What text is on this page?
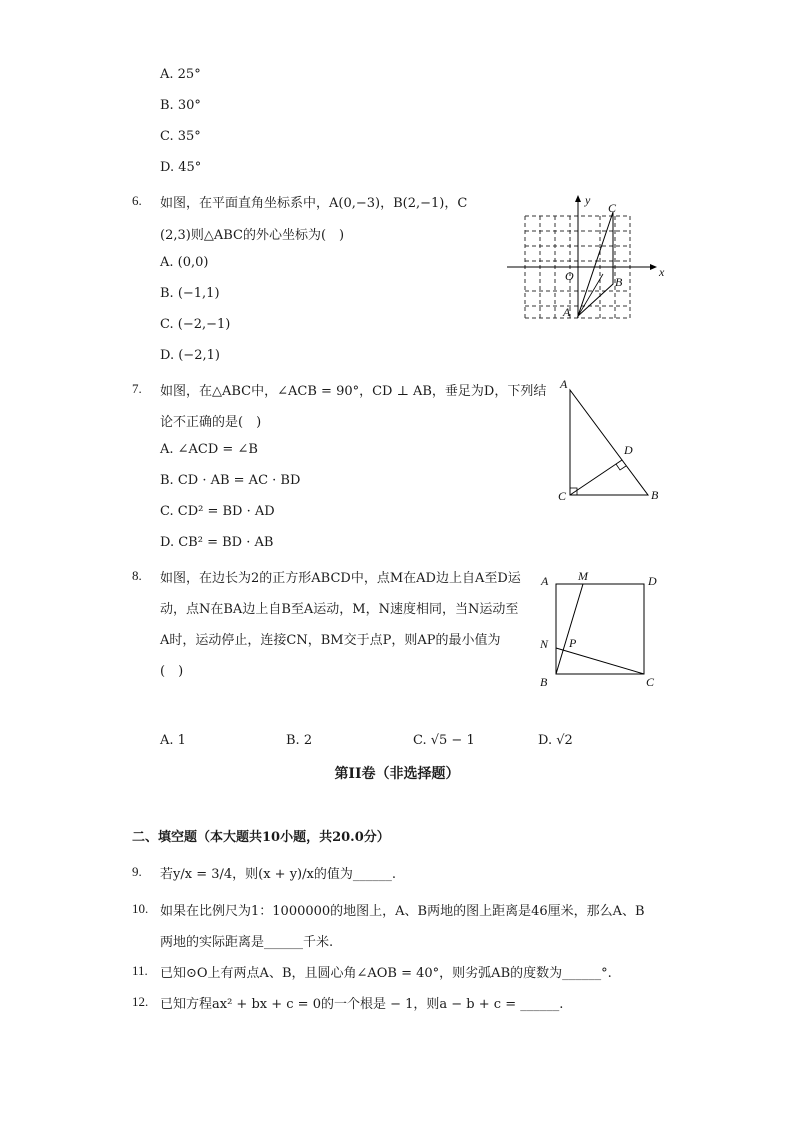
A. 25°
B. 30°
C. 35°
D. 45°
6. 如图，在平面直角坐标系中，A(0,−3)，B(2,−1)，C
(2,3)则△ABC的外心坐标为(　)
A. (0,0)
B. (−1,1)
C. (−2,−1)
D. (−2,1)
x
y
O
A
B
C
7. 如图，在△ABC中，∠ACB = 90°，CD ⊥ AB，垂足为D，下列结
论不正确的是(　)
A. ∠ACD = ∠B
B. CD · AB = AC · BD
C. CD² = BD · AD
D. CB² = BD · AB
A
B
C
D
8. 如图，在边长为2的正方形ABCD中，点M在AD边上自A至D运
动，点N在BA边上自B至A运动，M，N速度相同，当N运动至
A时，运动停止，连接CN，BM交于点P，则AP的最小值为
(　)
A	D
M
N P
B	C
A. 1	B. 2	C. √5 − 1	D. √2
第II卷（非选择题）
二、填空题（本大题共10小题，共20.0分）
9. 若y/x = 3/4，则(x + y)/x的值为______.
10. 如果在比例尺为1：1000000的地图上，A、B两地的图上距离是46厘米，那么A、B
两地的实际距离是______千米.
11. 已知⊙O上有两点A、B，且圆心角∠AOB = 40°，则劣弧AB的度数为______°.
12. 已知方程ax² + bx + c = 0的一个根是 − 1，则a − b + c = ______.
